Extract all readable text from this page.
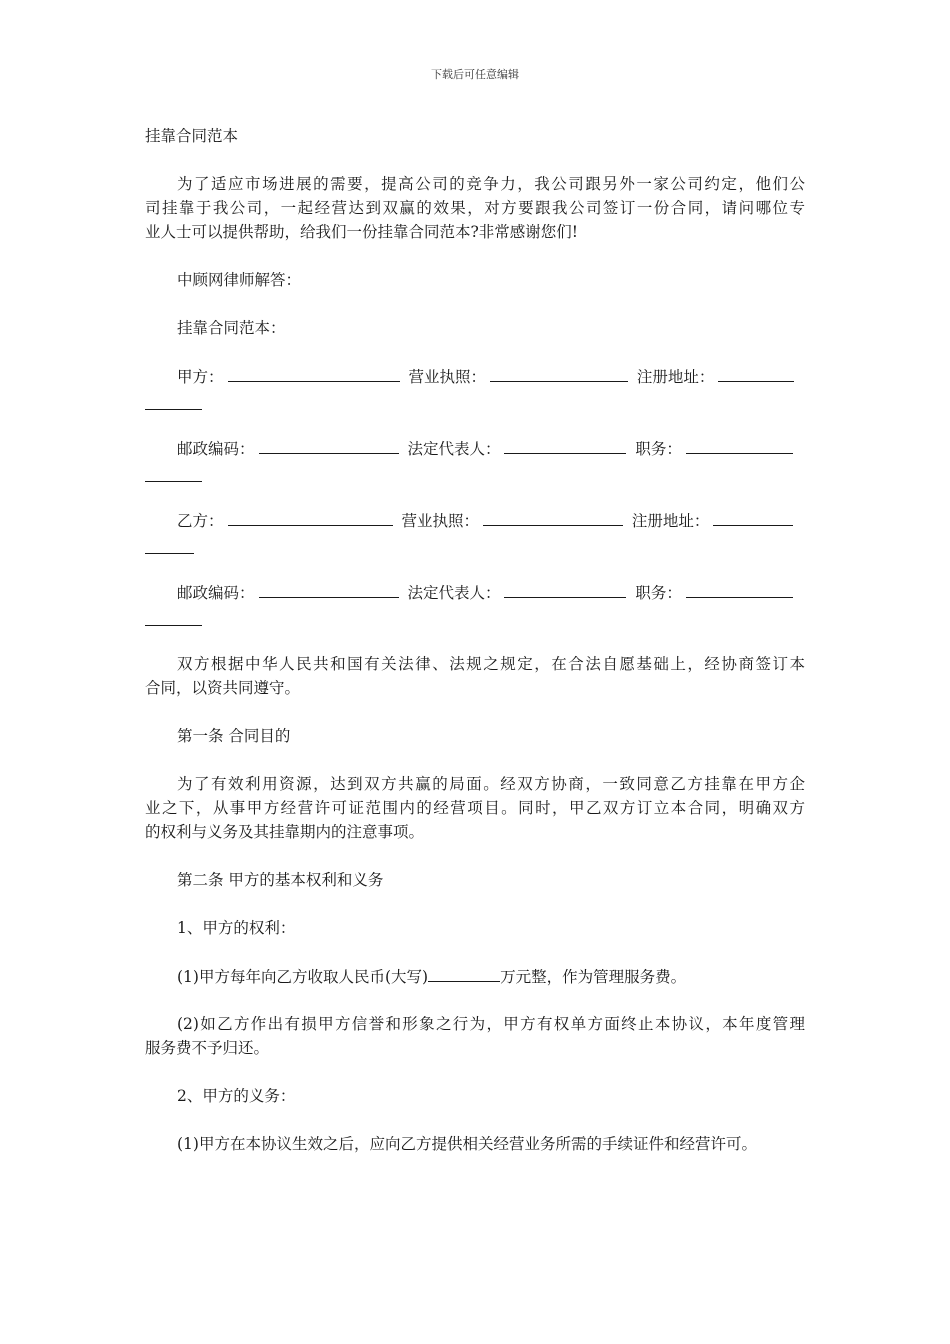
下载后可任意编辑
挂靠合同范本
为了适应市场进展的需要，提高公司的竞争力，我公司跟另外一家公司约定，他们公
司挂靠于我公司，一起经营达到双赢的效果，对方要跟我公司签订一份合同，请问哪位专
业人士可以提供帮助，给我们一份挂靠合同范本?非常感谢您们!
中顾网律师解答：
挂靠合同范本：
甲方：	营业执照：	注册地址：
邮政编码：	法定代表人：	职务：
乙方：	营业执照：	注册地址：
邮政编码：	法定代表人：	职务：
双方根据中华人民共和国有关法律、法规之规定，在合法自愿基础上，经协商签订本
合同，以资共同遵守。
第一条 合同目的
为了有效利用资源，达到双方共赢的局面。经双方协商，一致同意乙方挂靠在甲方企
业之下，从事甲方经营许可证范围内的经营项目。同时，甲乙双方订立本合同，明确双方
的权利与义务及其挂靠期内的注意事项。
第二条 甲方的基本权利和义务
1、甲方的权利：
(1)甲方每年向乙方收取人民币(大写)	万元整，作为管理服务费。
(2)如乙方作出有损甲方信誉和形象之行为，甲方有权单方面终止本协议，本年度管理
服务费不予归还。
2、甲方的义务：
(1)甲方在本协议生效之后，应向乙方提供相关经营业务所需的手续证件和经营许可。
